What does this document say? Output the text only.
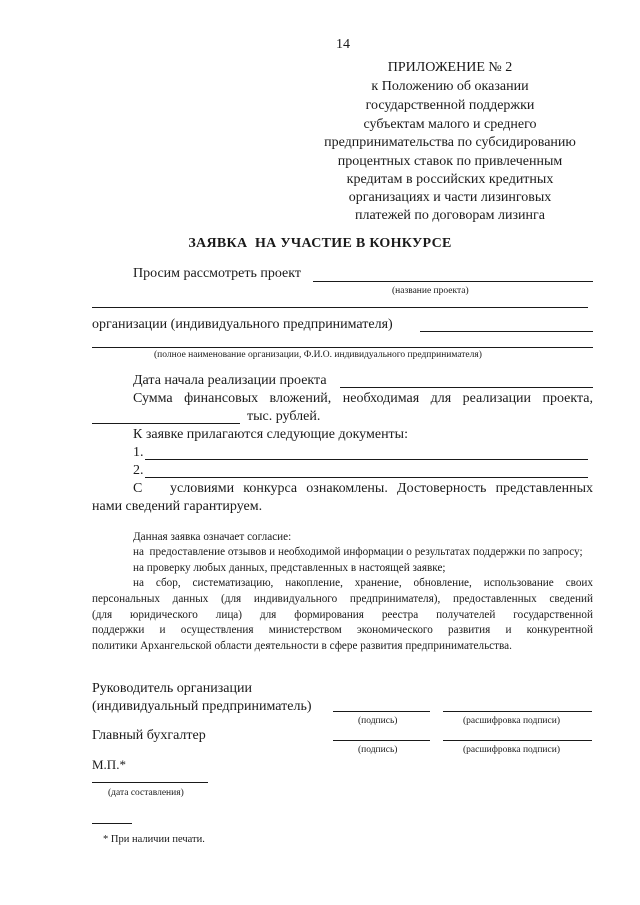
14
ПРИЛОЖЕНИЕ № 2
к Положению об оказании
государственной поддержки
субъектам малого и среднего
предпринимательства по субсидированию
процентных ставок по привлеченным
кредитам в российских кредитных
организациях и части лизинговых
платежей по договорам лизинга
ЗАЯВКА  НА УЧАСТИЕ В КОНКУРСЕ
Просим рассмотреть проект
(название проекта)
организации (индивидуального предпринимателя)
(полное наименование организации, Ф.И.О. индивидуального предпринимателя)
Дата начала реализации проекта
Сумма финансовых вложений, необходимая для реализации проекта,
тыс. рублей.
К заявке прилагаются следующие документы:
1.
2.
С   условиями конкурса ознакомлены. Достоверность представленных
нами сведений гарантируем.
Данная заявка означает согласие:
на  предоставление отзывов и необходимой информации о результатах поддержки по запросу;
на проверку любых данных, представленных в настоящей заявке;
на сбор, систематизацию, накопление, хранение, обновление, использование своих
персональных данных (для индивидуального предпринимателя), предоставленных сведений
(для юридического лица) для формирования реестра получателей государственной
поддержки и осуществления министерством экономического развития и конкурентной
политики Архангельской области деятельности в сфере развития предпринимательства.
Руководитель организации
(индивидуальный предприниматель)
(подпись)	(расшифровка подписи)
Главный бухгалтер
(подпись)	(расшифровка подписи)
М.П.*
(дата составления)
* При наличии печати.
